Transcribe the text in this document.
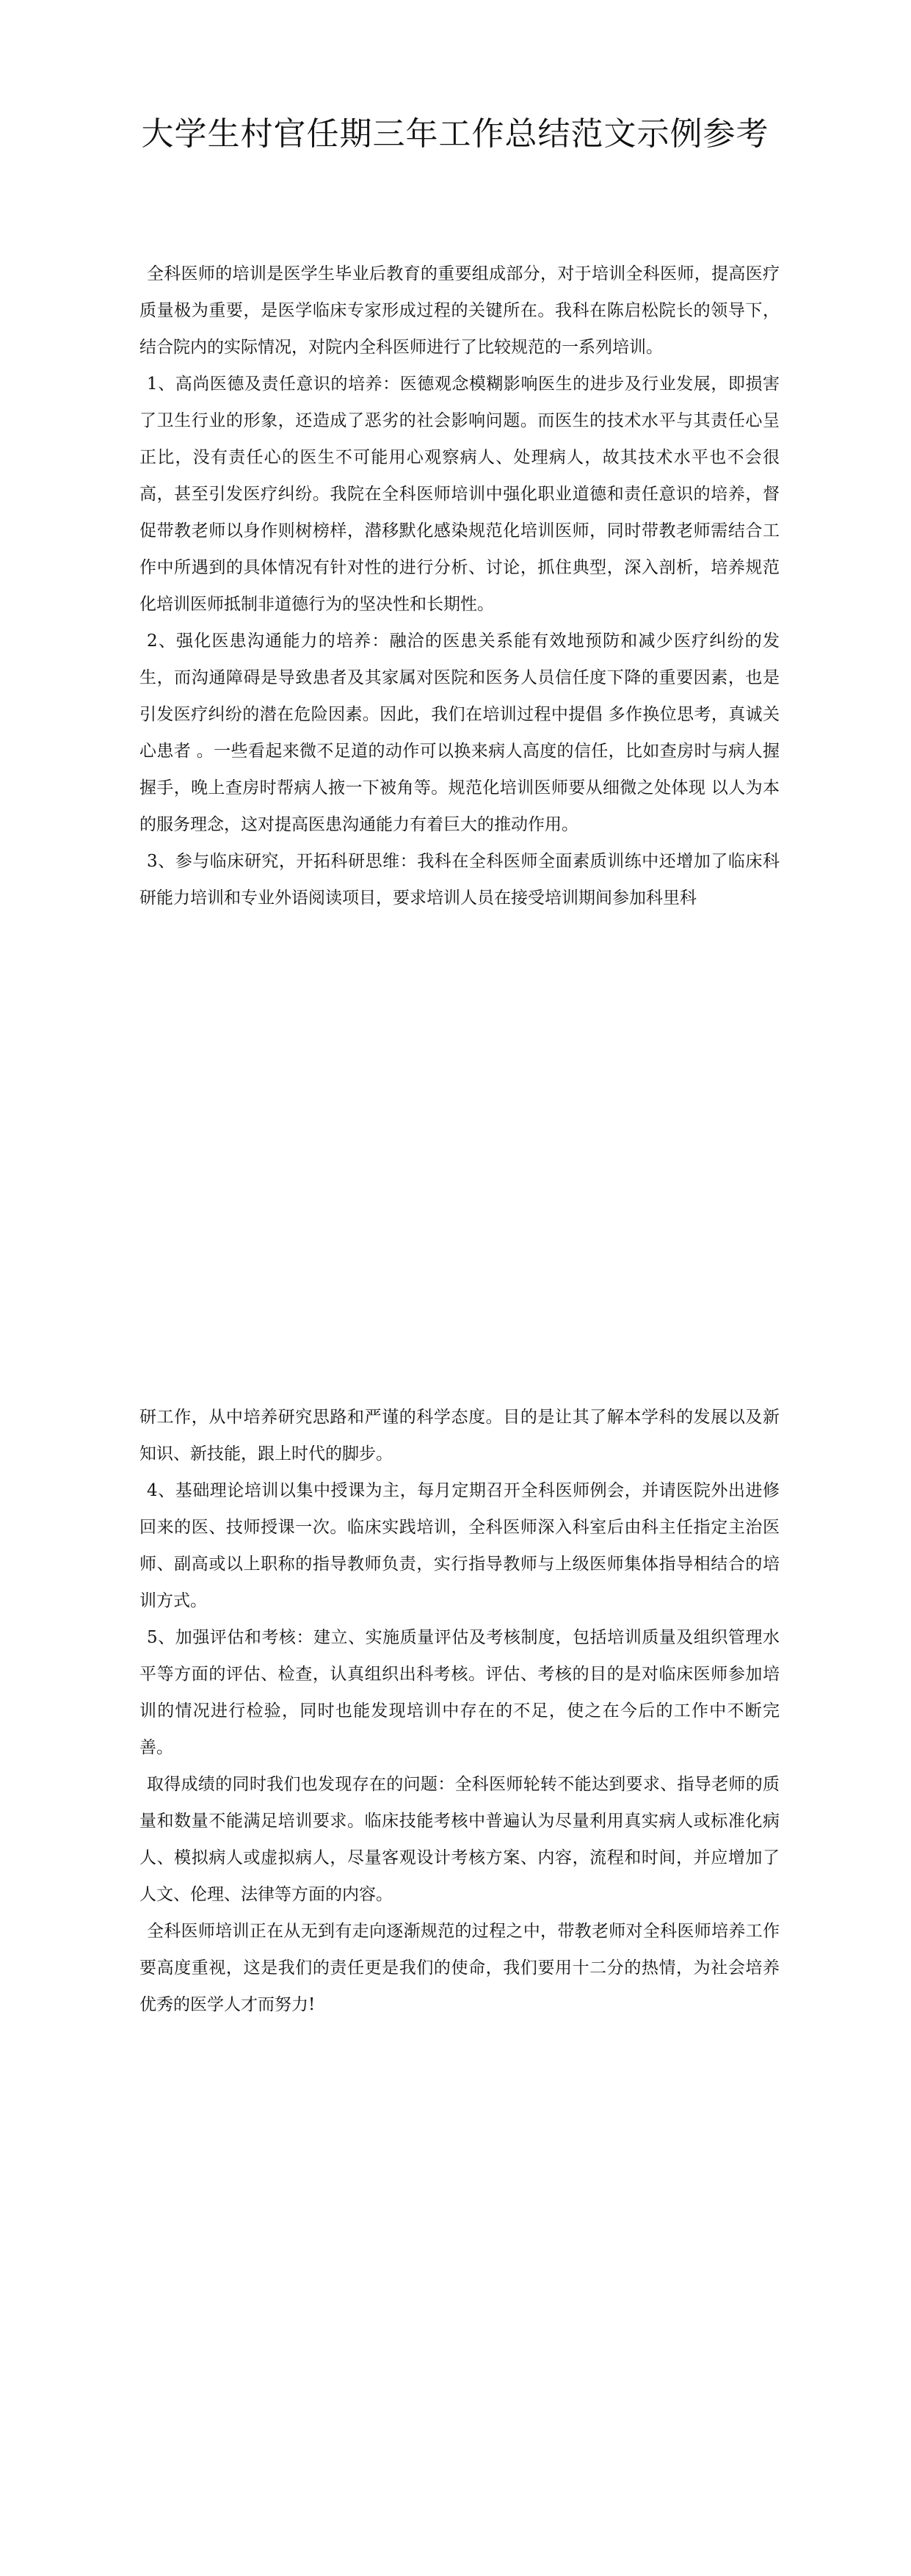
大学生村官任期三年工作总结范文示例参考

全科医师的培训是医学生毕业后教育的重要组成部分，对于培训全科医师，提高医疗质量极为重要，是医学临床专家形成过程的关键所在。我科在陈启松院长的领导下，结合院内的实际情况，对院内全科医师进行了比较规范的一系列培训。

1、高尚医德及责任意识的培养：医德观念模糊影响医生的进步及行业发展，即损害了卫生行业的形象，还造成了恶劣的社会影响问题。而医生的技术水平与其责任心呈正比，没有责任心的医生不可能用心观察病人、处理病人，故其技术水平也不会很高，甚至引发医疗纠纷。我院在全科医师培训中强化职业道德和责任意识的培养，督促带教老师以身作则树榜样，潜移默化感染规范化培训医师，同时带教老师需结合工作中所遇到的具体情况有针对性的进行分析、讨论，抓住典型，深入剖析，培养规范化培训医师抵制非道德行为的坚决性和长期性。

2、强化医患沟通能力的培养：融洽的医患关系能有效地预防和减少医疗纠纷的发生，而沟通障碍是导致患者及其家属对医院和医务人员信任度下降的重要因素，也是引发医疗纠纷的潜在危险因素。因此，我们在培训过程中提倡 多作换位思考，真诚关心患者 。一些看起来微不足道的动作可以换来病人高度的信任，比如查房时与病人握握手，晚上查房时帮病人掖一下被角等。规范化培训医师要从细微之处体现 以人为本 的服务理念，这对提高医患沟通能力有着巨大的推动作用。

3、参与临床研究，开拓科研思维：我科在全科医师全面素质训练中还增加了临床科研能力培训和专业外语阅读项目，要求培训人员在接受培训期间参加科里科

研工作，从中培养研究思路和严谨的科学态度。目的是让其了解本学科的发展以及新知识、新技能，跟上时代的脚步。

4、基础理论培训以集中授课为主，每月定期召开全科医师例会，并请医院外出进修回来的医、技师授课一次。临床实践培训，全科医师深入科室后由科主任指定主治医师、副高或以上职称的指导教师负责，实行指导教师与上级医师集体指导相结合的培训方式。

5、加强评估和考核：建立、实施质量评估及考核制度，包括培训质量及组织管理水平等方面的评估、检查，认真组织出科考核。评估、考核的目的是对临床医师参加培训的情况进行检验，同时也能发现培训中存在的不足，使之在今后的工作中不断完善。

取得成绩的同时我们也发现存在的问题：全科医师轮转不能达到要求、指导老师的质量和数量不能满足培训要求。临床技能考核中普遍认为尽量利用真实病人或标准化病人、模拟病人或虚拟病人，尽量客观设计考核方案、内容，流程和时间，并应增加了人文、伦理、法律等方面的内容。

全科医师培训正在从无到有走向逐渐规范的过程之中，带教老师对全科医师培养工作要高度重视，这是我们的责任更是我们的使命，我们要用十二分的热情，为社会培养优秀的医学人才而努力!
